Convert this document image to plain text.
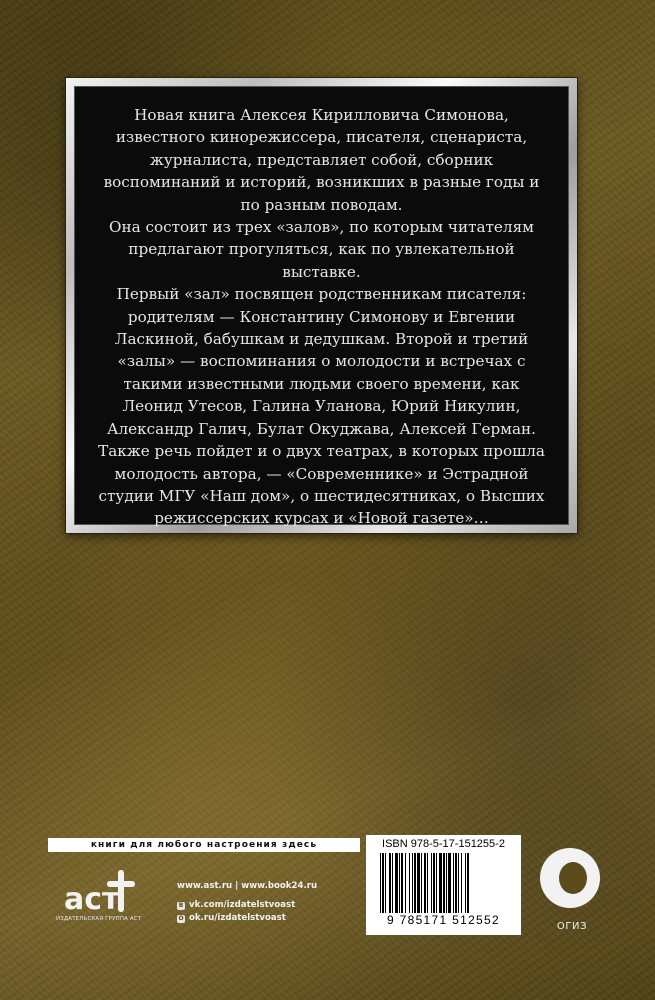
Новая книга Алексея Кирилловича Симонова, известного кинорежиссера, писателя, сценариста, журналиста, представляет собой, сборник воспоминаний и историй, возникших в разные годы и по разным поводам.

Она состоит из трех «залов», по которым читателям предлагают прогуляться, как по увлекательной выставке.

Первый «зал» посвящен родственникам писателя: родителям — Константину Симонову и Евгении Ласкиной, бабушкам и дедушкам. Второй и третий «залы» — воспоминания о молодости и встречах с такими известными людьми своего времени, как Леонид Утесов, Галина Уланова, Юрий Никулин, Александр Галич, Булат Окуджава, Алексей Герман. Также речь пойдет и о двух театрах, в которых прошла молодость автора, — «Современнике» и Эстрадной студии МГУ «Наш дом», о шестидесятниках, о Высших режиссерских курсах и «Новой газете»…

книги для любого настроения здесь
аст
ИЗДАТЕЛЬСКАЯ ГРУППА АСТ
www.ast.ru | www.book24.ru
В vk.com/izdatelstvoast
О ok.ru/izdatelstvoast
ISBN 978-5-17-151255-2
9 785171 512552	ОГИЗ
